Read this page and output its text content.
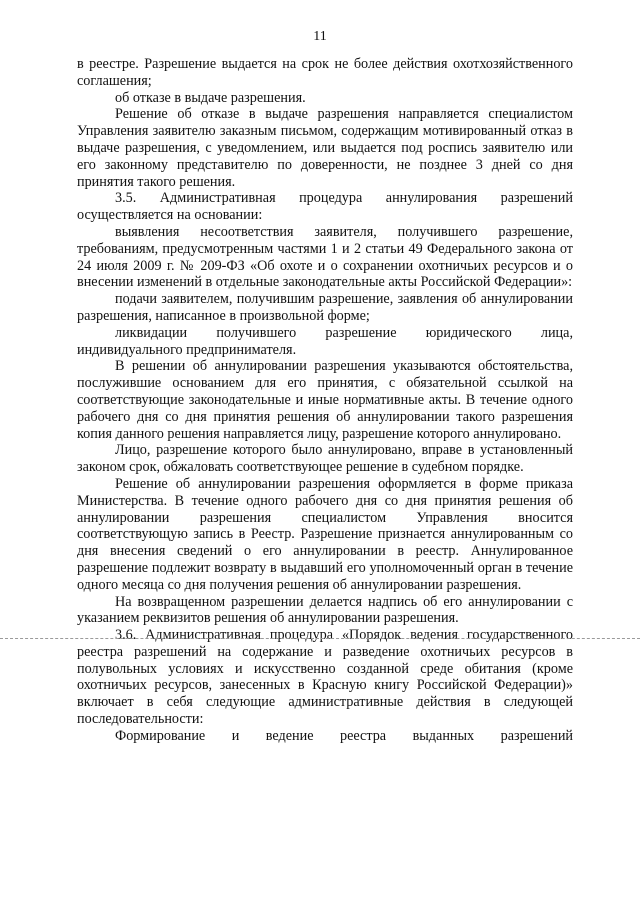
11

в реестре. Разрешение выдается на срок не более действия охотхозяйственного соглашения;

об отказе в выдаче разрешения.

Решение об отказе в выдаче разрешения направляется специалистом Управления заявителю заказным письмом, содержащим мотивированный отказ в выдаче разрешения, с уведомлением, или выдается под роспись заявителю или его законному представителю по доверенности, не позднее 3 дней со дня принятия такого решения.

3.5. Административная процедура аннулирования разрешений осуществляется на основании:

выявления несоответствия заявителя, получившего разрешение, требованиям, предусмотренным частями 1 и 2 статьи 49 Федерального закона от 24 июля 2009 г. № 209-ФЗ «Об охоте и о сохранении охотничьих ресурсов и о внесении изменений в отдельные законодательные акты Российской Федерации»:

подачи заявителем, получившим разрешение, заявления об аннулировании разрешения, написанное в произвольной форме;

ликвидации получившего разрешение юридического лица, индивидуального предпринимателя.

В решении об аннулировании разрешения указываются обстоятельства, послужившие основанием для его принятия, с обязательной ссылкой на соответствующие законодательные и иные нормативные акты. В течение одного рабочего дня со дня принятия решения об аннулировании такого разрешения копия данного решения направляется лицу, разрешение которого аннулировано.

Лицо, разрешение которого было аннулировано, вправе в установленный законом срок, обжаловать соответствующее решение в судебном порядке.

Решение об аннулировании разрешения оформляется в форме приказа Министерства. В течение одного рабочего дня со дня принятия решения об аннулировании разрешения специалистом Управления вносится соответствующую запись в Реестр. Разрешение признается аннулированным со дня внесения сведений о его аннулировании в реестр. Аннулированное разрешение подлежит возврату в выдавший его уполномоченный орган в течение одного месяца со дня получения решения об аннулировании разрешения.

На возвращенном разрешении делается надпись об его аннулировании с указанием реквизитов решения об аннулировании разрешения.

3.6. Административная процедура «Порядок ведения государственного реестра разрешений на содержание и разведение охотничьих ресурсов в полувольных условиях и искусственно созданной среде обитания (кроме охотничьих ресурсов, занесенных в Красную книгу Российской Федерации)» включает в себя следующие административные действия в следующей последовательности:

Формирование и ведение реестра выданных разрешений
